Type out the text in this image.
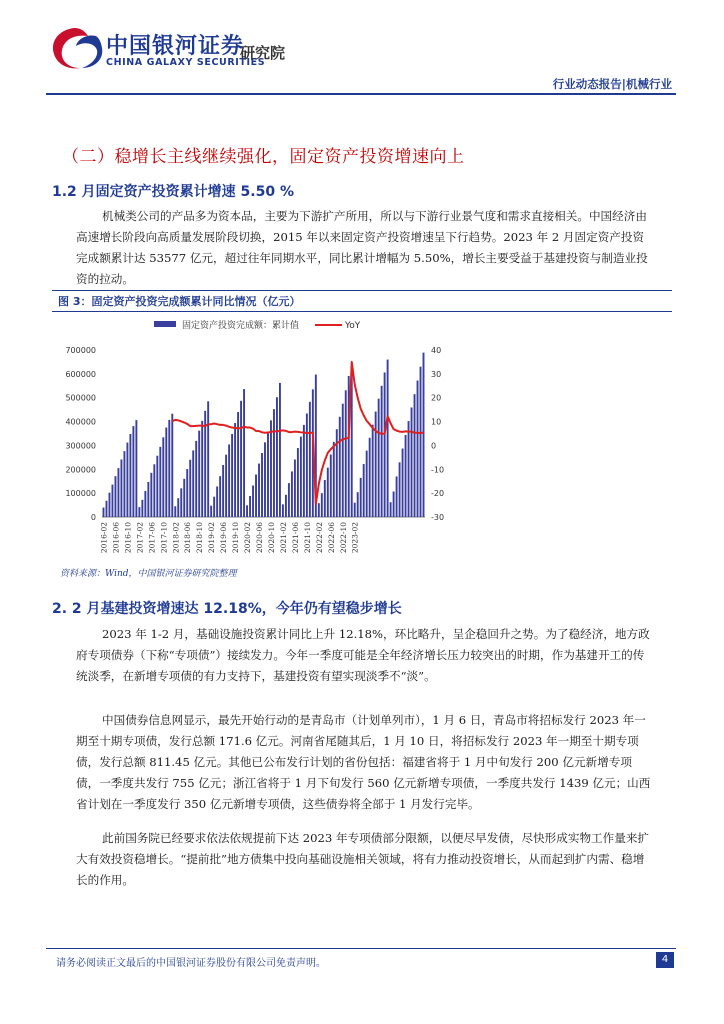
中国银河证券
CHINA GALAXY SECURITIES
研究院
行业动态报告|机械行业
（二）稳增长主线继续强化，固定资产投资增速向上
1.2 月固定资产投资累计增速 5.50 %
机械类公司的产品多为资本品，主要为下游扩产所用，所以与下游行业景气度和需求直接相关。中国经济由高速增长阶段向高质量发展阶段切换，2015 年以来固定资产投资增速呈下行趋势。2023 年 2 月固定资产投资完成额累计达 53577 亿元，超过往年同期水平，同比累计增幅为 5.50%，增长主要受益于基建投资与制造业投资的拉动。
图 3：固定资产投资完成额累计同比情况（亿元）
固定资产投资完成额：累计值	YoY
700000
600000
500000
400000
300000
200000
100000
0
40
30
20
10
0
-10
-20
-30
2016-02 2016-06 2016-10 2017-02 2017-06 2017-10 2018-02 2018-06 2018-10 2019-02 2019-06 2019-10 2020-02 2020-06 2020-10 2021-02 2021-06 2021-10 2022-02 2022-06 2022-10 2023-02
资料来源：Wind，中国银河证券研究院整理
2. 2 月基建投资增速达 12.18%，今年仍有望稳步增长
2023 年 1-2 月，基础设施投资累计同比上升 12.18%，环比略升，呈企稳回升之势。为了稳经济，地方政府专项债券（下称“专项债”）接续发力。今年一季度可能是全年经济增长压力较突出的时期，作为基建开工的传统淡季，在新增专项债的有力支持下，基建投资有望实现淡季不“淡”。
中国债券信息网显示，最先开始行动的是青岛市（计划单列市），1 月 6 日，青岛市将招标发行 2023 年一期至十期专项债，发行总额 171.6 亿元。河南省尾随其后，1 月 10 日，将招标发行 2023 年一期至十期专项债，发行总额 811.45 亿元。其他已公布发行计划的省份包括：福建省将于 1 月中旬发行 200 亿元新增专项债，一季度共发行 755 亿元；浙江省将于 1 月下旬发行 560 亿元新增专项债，一季度共发行 1439 亿元；山西省计划在一季度发行 350 亿元新增专项债，这些债券将全部于 1 月发行完毕。
此前国务院已经要求依法依规提前下达 2023 年专项债部分限额，以便尽早发债，尽快形成实物工作量来扩大有效投资稳增长。“提前批”地方债集中投向基础设施相关领域，将有力推动投资增长，从而起到扩内需、稳增长的作用。
请务必阅读正文最后的中国银河证券股份有限公司免责声明。	4
